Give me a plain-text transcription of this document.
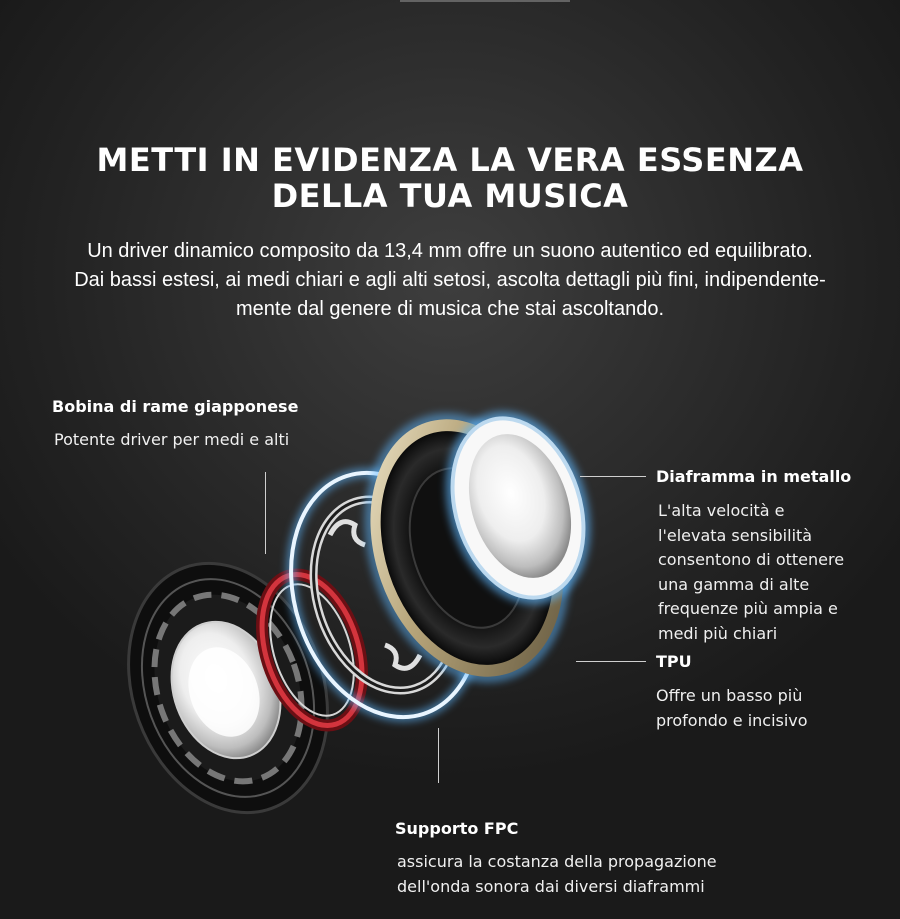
METTI IN EVIDENZA LA VERA ESSENZA
DELLA TUA MUSICA
Un driver dinamico composito da 13,4 mm offre un suono autentico ed equilibrato.
Dai bassi estesi, ai medi chiari e agli alti setosi, ascolta dettagli più fini, indipendente-
mente dal genere di musica che stai ascoltando.
Bobina di rame giapponese
Potente driver per medi e alti
Diaframma in metallo
L'alta velocità e
l'elevata sensibilità
consentono di ottenere
una gamma di alte
frequenze più ampia e
medi più chiari
TPU
Offre un basso più
profondo e incisivo
Supporto FPC
assicura la costanza della propagazione
dell'onda sonora dai diversi diaframmi
